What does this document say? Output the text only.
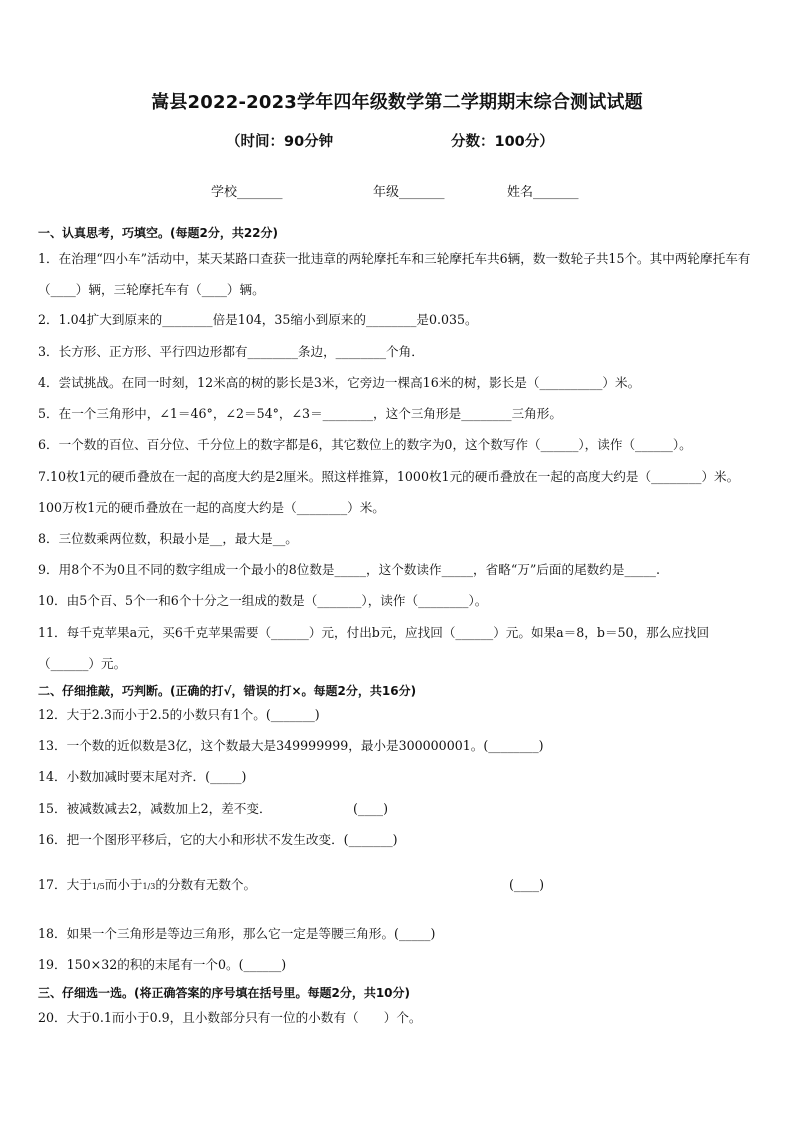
嵩县2022-2023学年四年级数学第二学期期末综合测试试题
（时间：90分钟	分数：100分）
学校_______	年级_______	姓名_______
一、认真思考，巧填空。(每题2分，共22分)
1．在治理“四小车”活动中，某天某路口查获一批违章的两轮摩托车和三轮摩托车共6辆，数一数轮子共15个。其中两轮摩托车有（____）辆，三轮摩托车有（____）辆。
2．1.04扩大到原来的________倍是104，35缩小到原来的________是0.035。
3．长方形、正方形、平行四边形都有________条边，________个角．
4．尝试挑战。在同一时刻，12米高的树的影长是3米，它旁边一棵高16米的树，影长是（__________）米。
5．在一个三角形中，∠1＝46°，∠2＝54°，∠3＝________，这个三角形是________三角形。
6．一个数的百位、百分位、千分位上的数字都是6，其它数位上的数字为0，这个数写作（______），读作（______）。
7.10枚1元的硬币叠放在一起的高度大约是2厘米。照这样推算，1000枚1元的硬币叠放在一起的高度大约是（________）米。100万枚1元的硬币叠放在一起的高度大约是（________）米。
8．三位数乘两位数，积最小是__，最大是__。
9．用8个不为0且不同的数字组成一个最小的8位数是_____，这个数读作_____，省略“万”后面的尾数约是_____.
10．由5个百、5个一和6个十分之一组成的数是（_______），读作（________）。
11．每千克苹果a元，买6千克苹果需要（______）元，付出b元，应找回（______）元。如果a＝8，b＝50，那么应找回（______）元。
二、仔细推敲，巧判断。(正确的打√，错误的打×。每题2分，共16分)
12．大于2.3而小于2.5的小数只有1个。(_______)
13．一个数的近似数是3亿，这个数最大是349999999，最小是300000001。(________)
14．小数加减时要末尾对齐．(_____)
15．被减数减去2，减数加上2，差不变．	(____)
16．把一个图形平移后，它的大小和形状不发生改变．(_______)
17．大于1/5而小于1/3的分数有无数个。	(____)
18．如果一个三角形是等边三角形，那么它一定是等腰三角形。(_____)
19．150×32的积的末尾有一个0。(______)
三、仔细选一选。(将正确答案的序号填在括号里。每题2分，共10分)
20．大于0.1而小于0.9，且小数部分只有一位的小数有（　　）个。
